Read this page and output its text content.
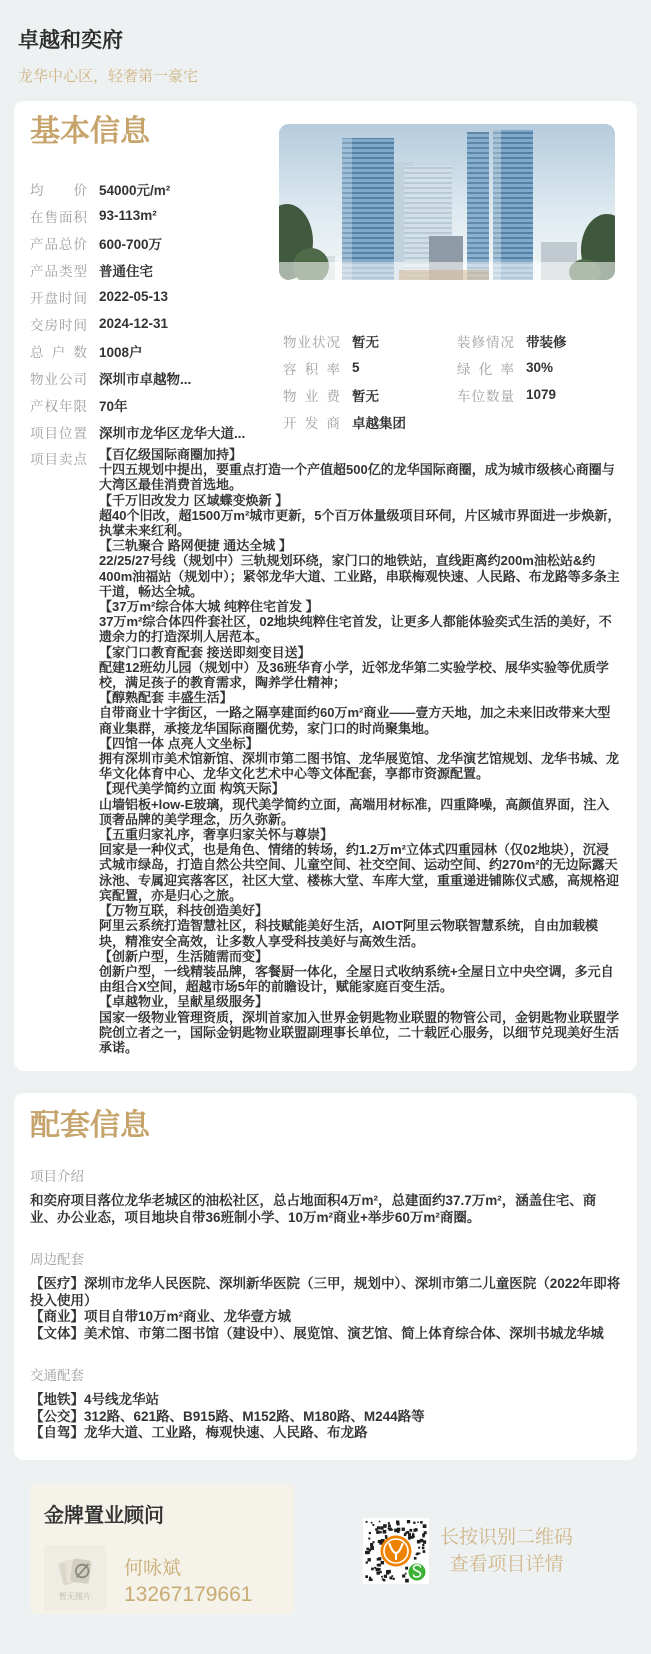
卓越和奕府
龙华中心区，轻奢第一豪宅
基本信息
均价 54000元/m²
在售面积 93-113m²
产品总价 600-700万
产品类型 普通住宅
开盘时间 2022-05-13
交房时间 2024-12-31
总户数 1008户
物业公司 深圳市卓越物...
产权年限 70年
项目位置 深圳市龙华区龙华大道...
物业状况 暂无
容积率 5
物业费 暂无
开发商 卓越集团
装修情况 带装修
绿化率 30%
车位数量 1079
项目卖点 【百亿级国际商圈加持】
十四五规划中提出，要重点打造一个产值超500亿的龙华国际商圈，成为城市级核心商圈与大湾区最佳消费首选地。
【千万旧改发力 区域蝶变焕新 】
超40个旧改，超1500万m²城市更新，5个百万体量级项目环伺，片区城市界面进一步焕新，执掌未来红利。
【三轨聚合 路网便捷 通达全城 】
22/25/27号线（规划中）三轨规划环绕，家门口的地铁站，直线距离约200m油松站&约400m油福站（规划中）；紧邻龙华大道、工业路，串联梅观快速、人民路、布龙路等多条主干道，畅达全城。
【37万m²综合体大城 纯粹住宅首发 】
37万m²综合体四件套社区，02地块纯粹住宅首发，让更多人都能体验奕式生活的美好，不遗余力的打造深圳人居范本。
【家门口教育配套 接送即刻变目送】
配建12班幼儿园（规划中）及36班华育小学，近邻龙华第二实验学校、展华实验等优质学校，满足孩子的教育需求，陶养学仕精神；
【醇熟配套 丰盛生活】
自带商业十字街区，一路之隔享建面约60万m²商业——壹方天地，加之未来旧改带来大型商业集群，承接龙华国际商圈优势，家门口的时尚聚集地。
【四馆一体 点亮人文坐标】
拥有深圳市美术馆新馆、深圳市第二图书馆、龙华展览馆、龙华演艺馆规划、龙华书城、龙华文化体育中心、龙华文化艺术中心等文体配套，享都市资源配置。
【现代美学简约立面 构筑天际】
山墙铝板+low-E玻璃，现代美学简约立面，高端用材标准，四重降噪，高颜值界面，注入顶奢品牌的美学理念，历久弥新。
【五重归家礼序，奢享归家关怀与尊崇】
回家是一种仪式，也是角色、情绪的转场，约1.2万m²立体式四重园林（仅02地块），沉浸式城市绿岛，打造自然公共空间、儿童空间、社交空间、运动空间、约270m²的无边际露天泳池、专属迎宾落客区，社区大堂、楼栋大堂、车库大堂，重重递进铺陈仪式感，高规格迎宾配置，亦是归心之旅。
【万物互联，科技创造美好】
阿里云系统打造智慧社区，科技赋能美好生活，AIOT阿里云物联智慧系统，自由加载模块，精准安全高效，让多数人享受科技美好与高效生活。
【创新户型，生活随需而变】
创新户型，一线精装品牌，客餐厨一体化，全屋日式收纳系统+全屋日立中央空调，多元自由组合X空间，超越市场5年的前瞻设计，赋能家庭百变生活。
【卓越物业，呈献星级服务】
国家一级物业管理资质，深圳首家加入世界金钥匙物业联盟的物管公司，金钥匙物业联盟学院创立者之一，国际金钥匙物业联盟副理事长单位，二十载匠心服务，以细节兑现美好生活承诺。
配套信息
项目介绍
和奕府项目落位龙华老城区的油松社区，总占地面积4万m²，总建面约37.7万m²，涵盖住宅、商业、办公业态，项目地块自带36班制小学、10万m²商业+举步60万m²商圈。
周边配套
【医疗】深圳市龙华人民医院、深圳新华医院（三甲，规划中）、深圳市第二儿童医院（2022年即将投入使用）
【商业】项目自带10万m²商业、龙华壹方城
【文体】美术馆、市第二图书馆（建设中）、展览馆、演艺馆、简上体育综合体、深圳书城龙华城
交通配套
【地铁】4号线龙华站
【公交】312路、621路、B915路、M152路、M180路、M244路等
【自驾】龙华大道、工业路，梅观快速、人民路、布龙路
金牌置业顾问
暂无图片
何咏斌
13267179661
长按识别二维码
查看项目详情
